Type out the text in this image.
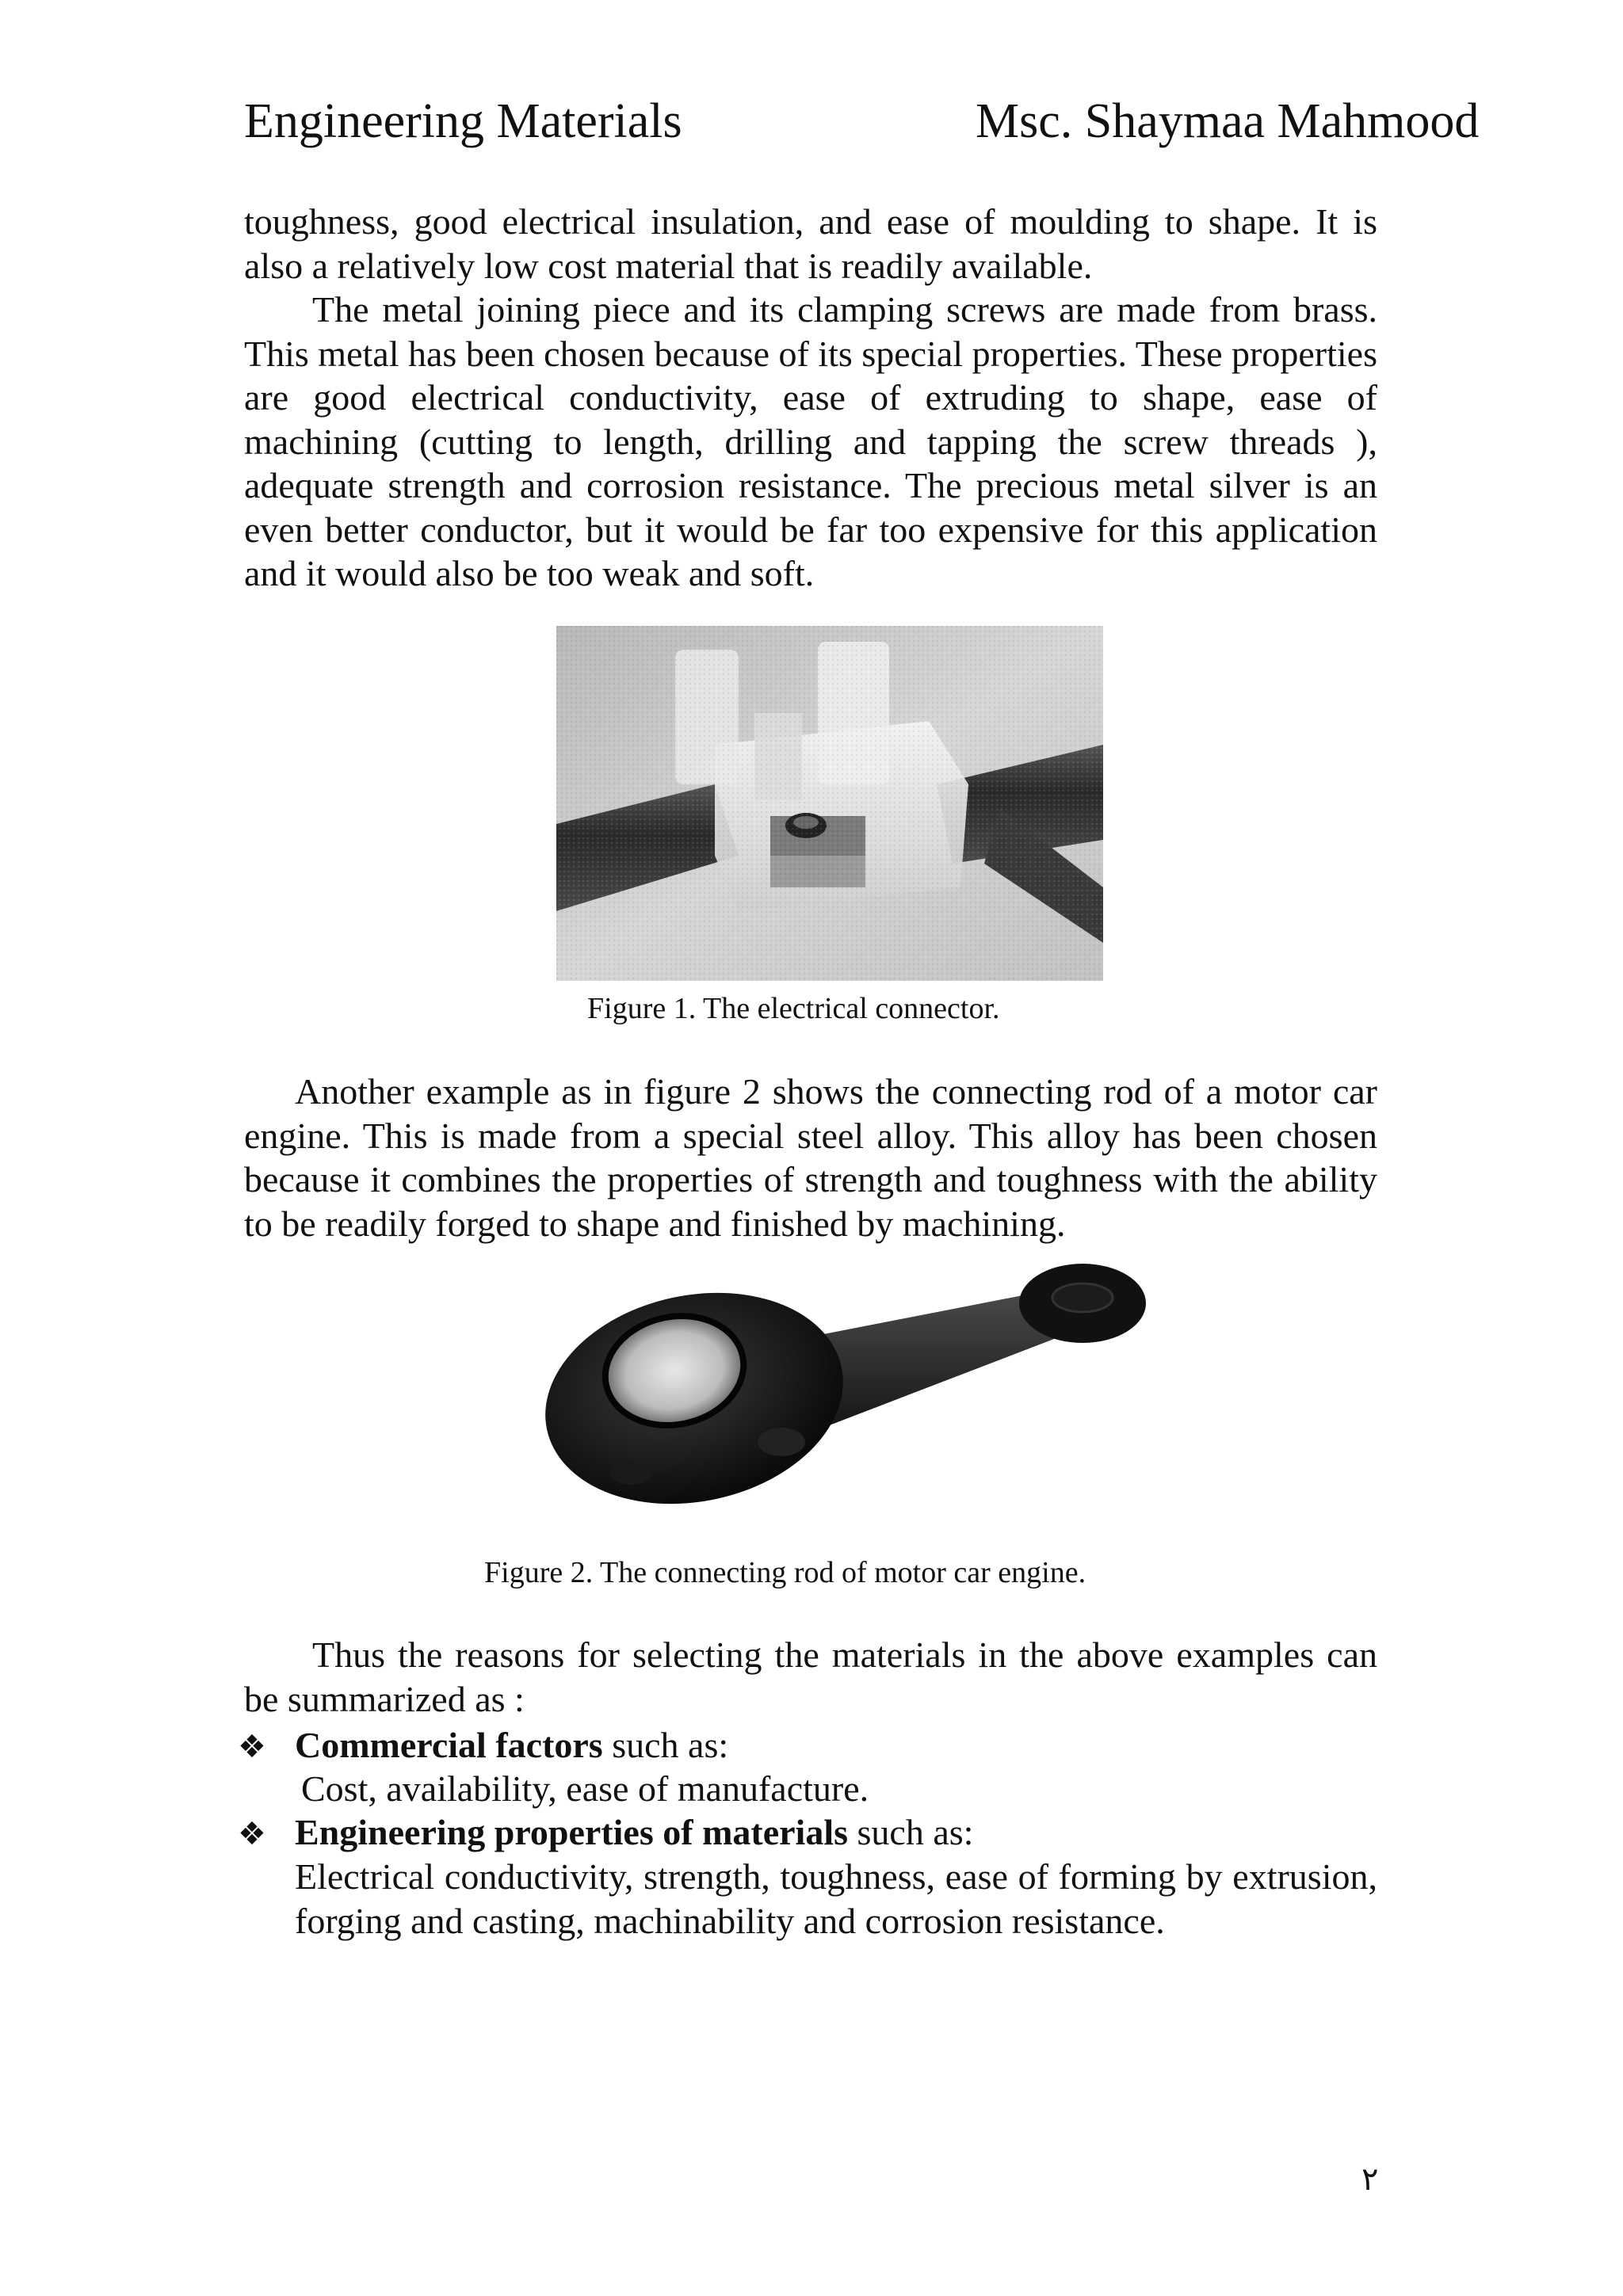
Engineering Materials	Msc. Shaymaa Mahmood

toughness, good electrical insulation, and ease of moulding to shape. It is also a relatively low cost material that is readily available.

The metal joining piece and its clamping screws are made from brass. This metal has been chosen because of its special properties. These properties are good electrical conductivity, ease of extruding to shape, ease of machining (cutting to length, drilling and tapping the screw threads ), adequate strength and corrosion resistance. The precious metal silver is an even better conductor, but it would be far too expensive for this application and it would also be too weak and soft.

Figure 1. The electrical connector.

Another example as in figure 2 shows the connecting rod of a motor car engine. This is made from a special steel alloy. This alloy has been chosen because it combines the properties of strength and toughness with the ability to be readily forged to shape and finished by machining.

Figure 2. The connecting rod of motor car engine.

Thus the reasons for selecting the materials in the above examples can be summarized as :

❖ Commercial factors such as:
Cost, availability, ease of manufacture.
❖ Engineering properties of materials such as:

Electrical conductivity, strength, toughness, ease of forming by extrusion, forging and casting, machinability and corrosion resistance.

٢
